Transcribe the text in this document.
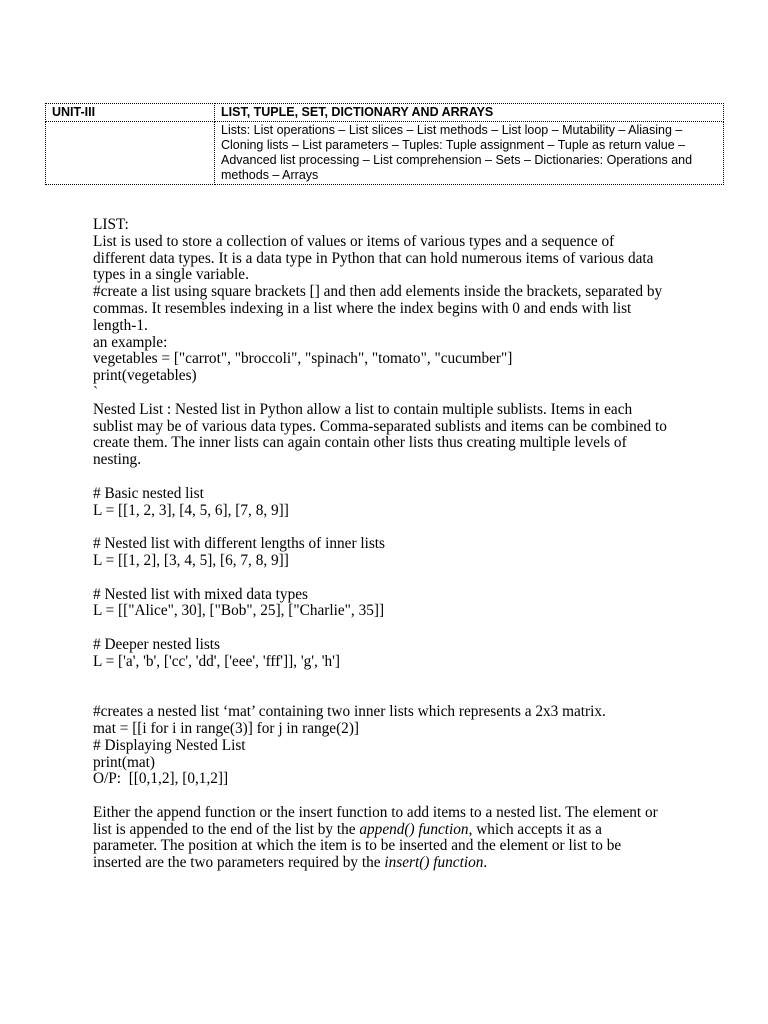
UNIT-III	LIST, TUPLE, SET, DICTIONARY AND ARRAYS

	Lists: List operations – List slices – List methods – List loop – Mutability – Aliasing –
Cloning lists – List parameters – Tuples: Tuple assignment – Tuple as return value –
Advanced list processing – List comprehension – Sets – Dictionaries: Operations and
methods – Arrays

LIST:

List is used to store a collection of values or items of various types and a sequence of

different data types. It is a data type in Python that can hold numerous items of various data

types in a single variable.

#create a list using square brackets [] and then add elements inside the brackets, separated by

commas. It resembles indexing in a list where the index begins with 0 and ends with list

length-1.

an example:

vegetables = ["carrot", "broccoli", "spinach", "tomato", "cucumber"]

print(vegetables)

`

Nested List : Nested list in Python allow a list to contain multiple sublists. Items in each

sublist may be of various data types. Comma-separated sublists and items can be combined to

create them. The inner lists can again contain other lists thus creating multiple levels of

nesting.

# Basic nested list

L = [[1, 2, 3], [4, 5, 6], [7, 8, 9]]

# Nested list with different lengths of inner lists

L = [[1, 2], [3, 4, 5], [6, 7, 8, 9]]

# Nested list with mixed data types

L = [["Alice", 30], ["Bob", 25], ["Charlie", 35]]

# Deeper nested lists

L = ['a', 'b', ['cc', 'dd', ['eee', 'fff']], 'g', 'h']

#creates a nested list ‘mat’ containing two inner lists which represents a 2x3 matrix.

mat = [[i for i in range(3)] for j in range(2)]

# Displaying Nested List

print(mat)

O/P:  [[0,1,2], [0,1,2]]

Either the append function or the insert function to add items to a nested list. The element or

list is appended to the end of the list by the append() function, which accepts it as a

parameter. The position at which the item is to be inserted and the element or list to be

inserted are the two parameters required by the insert() function.
